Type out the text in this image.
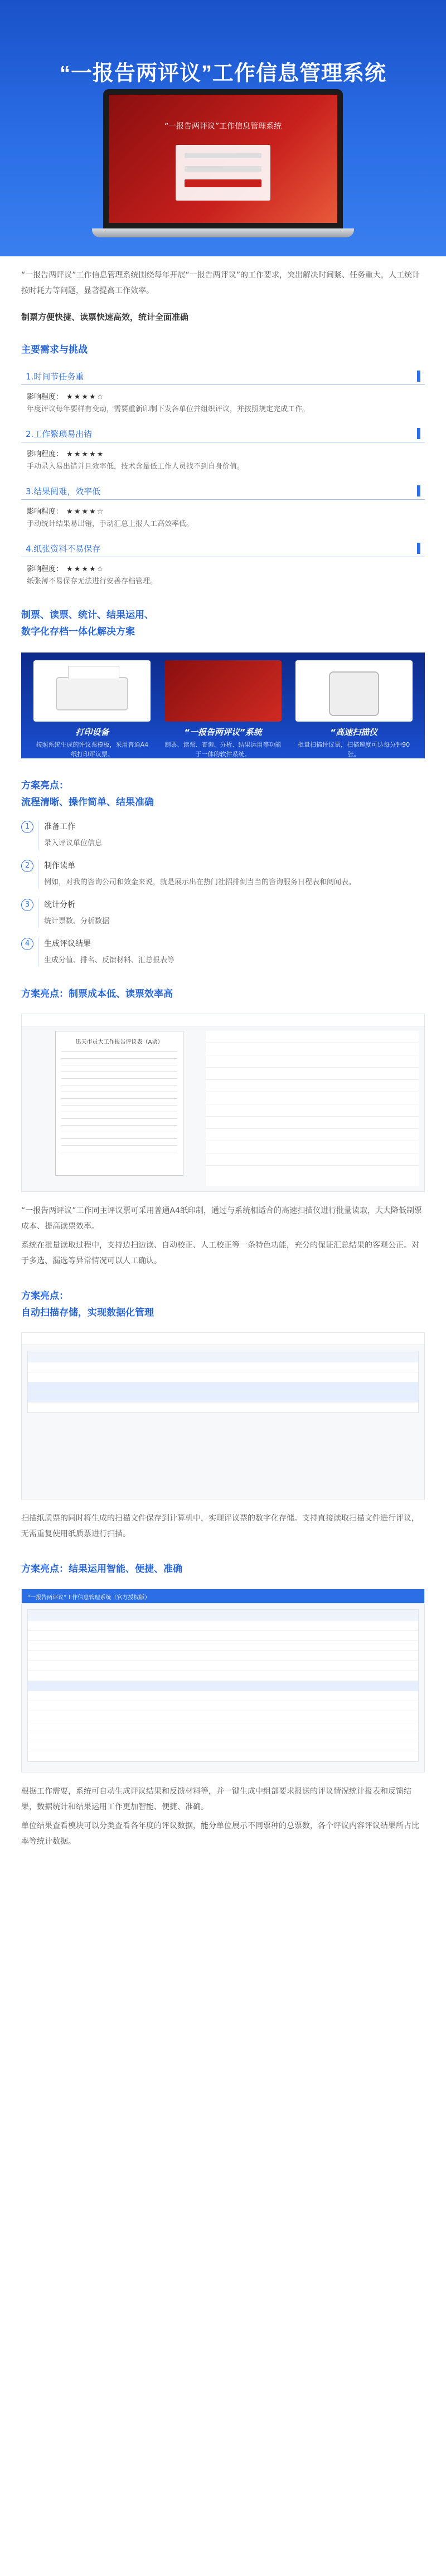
“一报告两评议”工作信息管理系统
“一报告两评议”工作信息管理系统

“一报告两评议”工作信息管理系统围绕每年开展“一报告两评议”的工作要求，突出解决时间紧、任务重大，人工统计按时耗力等问题，显著提高工作效率。

制票方便快捷、读票快速高效，统计全面准确
主要需求与挑战
1.时间节任务重
影响程度： ★★★★☆
年度评议每年要样有变动，需要重新印制下发各单位并组织评议，并按照规定完成工作。
2.工作繁琐易出错
影响程度： ★★★★★
手动录入易出错并且效率低，技术含量低工作人员找不到自身价值。
3.结果阅难，效率低
影响程度： ★★★★☆
手动统计结果易出错，手动汇总上报人工高效率低。
4.纸张资料不易保存
影响程度： ★★★★☆
纸张薄不易保存无法进行安善存档管理。
制票、读票、统计、结果运用、
数字化存档一体化解决方案
打印设备
按照系统生成的评议票模板，采用普通A4纸打印评议票。
“一报告两评议”系统
制票、读票、查询、分析、结果运用等功能于一体的软件系统。
“高速扫描仪
批量扫描评议票，扫描速度可达每分钟90张。
方案亮点：
流程清晰、操作简单、结果准确
1	准备工作
录入评议单位信息
2	制作读单
例如，对我的咨询公司和效金来说，就是展示出在热门社招排倒当当的咨询服务日程表和阅闻表。
3	统计分析
统计票数、分析数据
4	生成评议结果
生成分值、排名、反馈材料、汇总报表等
方案亮点：制票成本低、读票效率高
迅天市员大工作报告评议表（A票）

“一报告两评议”工作同主评议票可采用普通A4纸印制，通过与系统相适合的高速扫描仪进行批量读取，大大降低制票成本、提高读票效率。

系统在批量读取过程中，支持边扫边读、自动校正、人工校正等一条特色功能，充分的保证汇总结果的客观公正。对于多选、漏选等异常情况可以人工确认。

方案亮点：
自动扫描存储，实现数据化管理

扫描纸质票的同时将生成的扫描文件保存到计算机中，实现评议票的数字化存储。支持直接读取扫描文件进行评议，无需重复使用纸质票进行扫描。

方案亮点：结果运用智能、便捷、准确
“一报告两评议”工作信息管理系统（官方授权版）

根据工作需要，系统可自动生成评议结果和反馈材料等，并一键生成中组部要求报送的评议情况统计报表和反馈结果，数据统计和结果运用工作更加智能、便捷、准确。

单位结果查看模块可以分类查看各年度的评议数据，能分单位展示不同票种的总票数，各个评议内容评议结果所占比率等统计数据。
